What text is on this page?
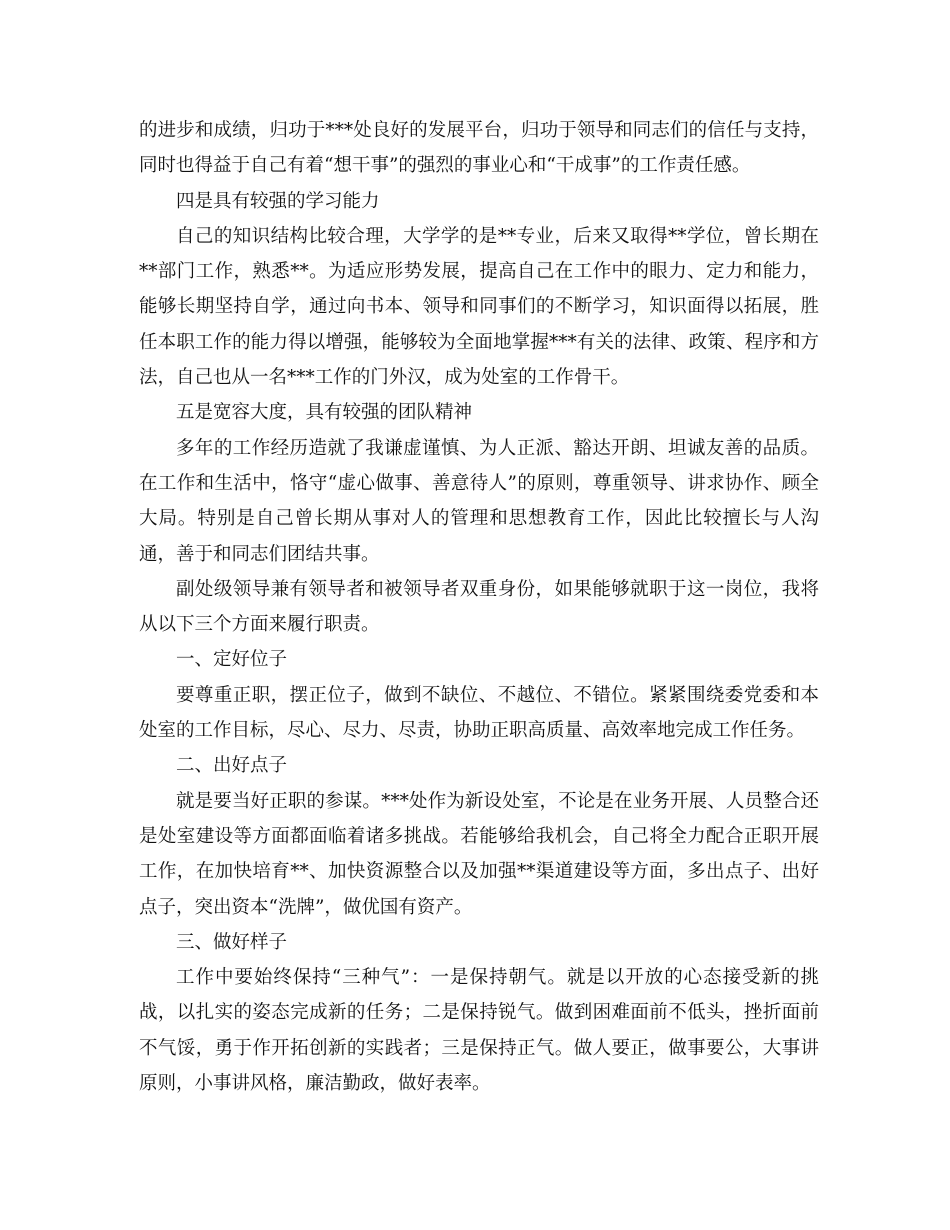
的进步和成绩，归功于***处良好的发展平台，归功于领导和同志们的信任与支持，同时也得益于自己有着“想干事”的强烈的事业心和“干成事”的工作责任感。

四是具有较强的学习能力

自己的知识结构比较合理，大学学的是**专业，后来又取得**学位，曾长期在**部门工作，熟悉**。为适应形势发展，提高自己在工作中的眼力、定力和能力，能够长期坚持自学，通过向书本、领导和同事们的不断学习，知识面得以拓展，胜任本职工作的能力得以增强，能够较为全面地掌握***有关的法律、政策、程序和方法，自己也从一名***工作的门外汉，成为处室的工作骨干。

五是宽容大度，具有较强的团队精神

多年的工作经历造就了我谦虚谨慎、为人正派、豁达开朗、坦诚友善的品质。在工作和生活中，恪守“虚心做事、善意待人”的原则，尊重领导、讲求协作、顾全大局。特别是自己曾长期从事对人的管理和思想教育工作，因此比较擅长与人沟通，善于和同志们团结共事。

副处级领导兼有领导者和被领导者双重身份，如果能够就职于这一岗位，我将从以下三个方面来履行职责。

一、定好位子

要尊重正职，摆正位子，做到不缺位、不越位、不错位。紧紧围绕委党委和本处室的工作目标，尽心、尽力、尽责，协助正职高质量、高效率地完成工作任务。

二、出好点子

就是要当好正职的参谋。***处作为新设处室，不论是在业务开展、人员整合还是处室建设等方面都面临着诸多挑战。若能够给我机会，自己将全力配合正职开展工作，在加快培育**、加快资源整合以及加强**渠道建设等方面，多出点子、出好点子，突出资本“洗牌”，做优国有资产。

三、做好样子

工作中要始终保持“三种气”：一是保持朝气。就是以开放的心态接受新的挑战，以扎实的姿态完成新的任务；二是保持锐气。做到困难面前不低头，挫折面前不气馁，勇于作开拓创新的实践者；三是保持正气。做人要正，做事要公，大事讲原则，小事讲风格，廉洁勤政，做好表率。
